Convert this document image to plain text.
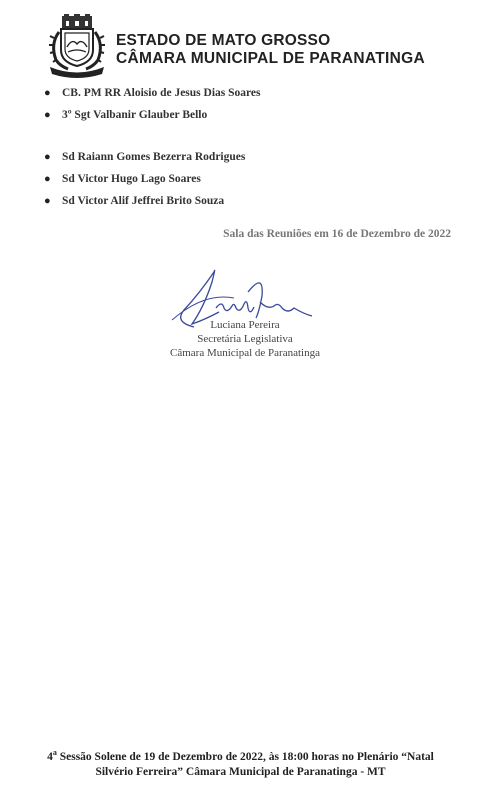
ESTADO DE MATO GROSSO
CÂMARA MUNICIPAL DE PARANATINGA
● CB. PM RR Aloisio de Jesus Dias Soares
● 3º Sgt Valbanir Glauber Bello
● Sd Raiann Gomes Bezerra Rodrigues
● Sd Victor Hugo Lago Soares
● Sd Victor Alif Jeffrei Brito Souza
Sala das Reuniões em 16 de Dezembro de 2022
Luciana Pereira
Secretária Legislativa
Câmara Municipal de Paranatinga
4$^a$ Sessão Solene de 19 de Dezembro de 2022, às 18:00 horas no Plenário “Natal
Silvério Ferreira” Câmara Municipal de Paranatinga - MT
